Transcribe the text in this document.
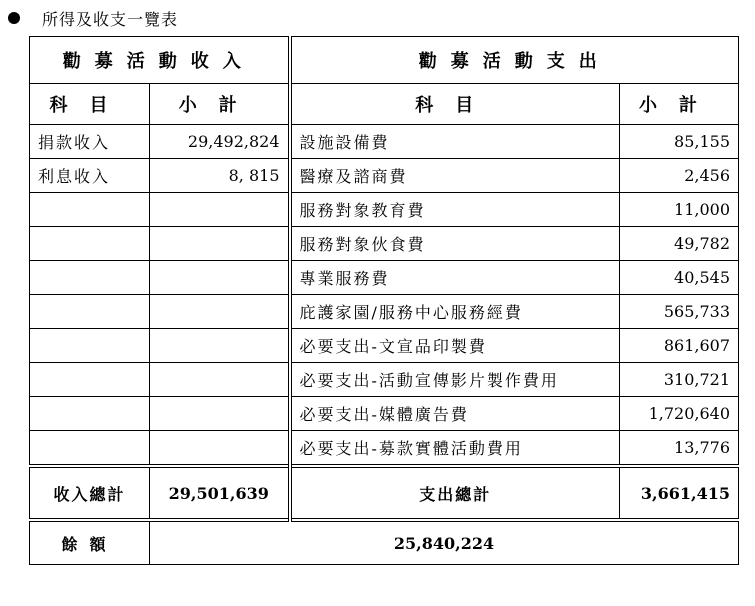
所得及收支一覽表
勸募活動收入		勸募活動支出	
科目	小計	科目	小計
捐款收入	29,492,824	設施設備費	85,155
利息收入	8, 815	醫療及諮商費	2,456
		服務對象教育費	11,000
		服務對象伙食費	49,782
		專業服務費	40,545
		庇護家園/服務中心服務經費	565,733
		必要支出-文宣品印製費	861,607
		必要支出-活動宣傳影片製作費用	310,721
		必要支出-媒體廣告費	1,720,640
		必要支出-募款實體活動費用	13,776
收入總計	29,501,639	支出總計	3,661,415
餘額	25,840,224		
